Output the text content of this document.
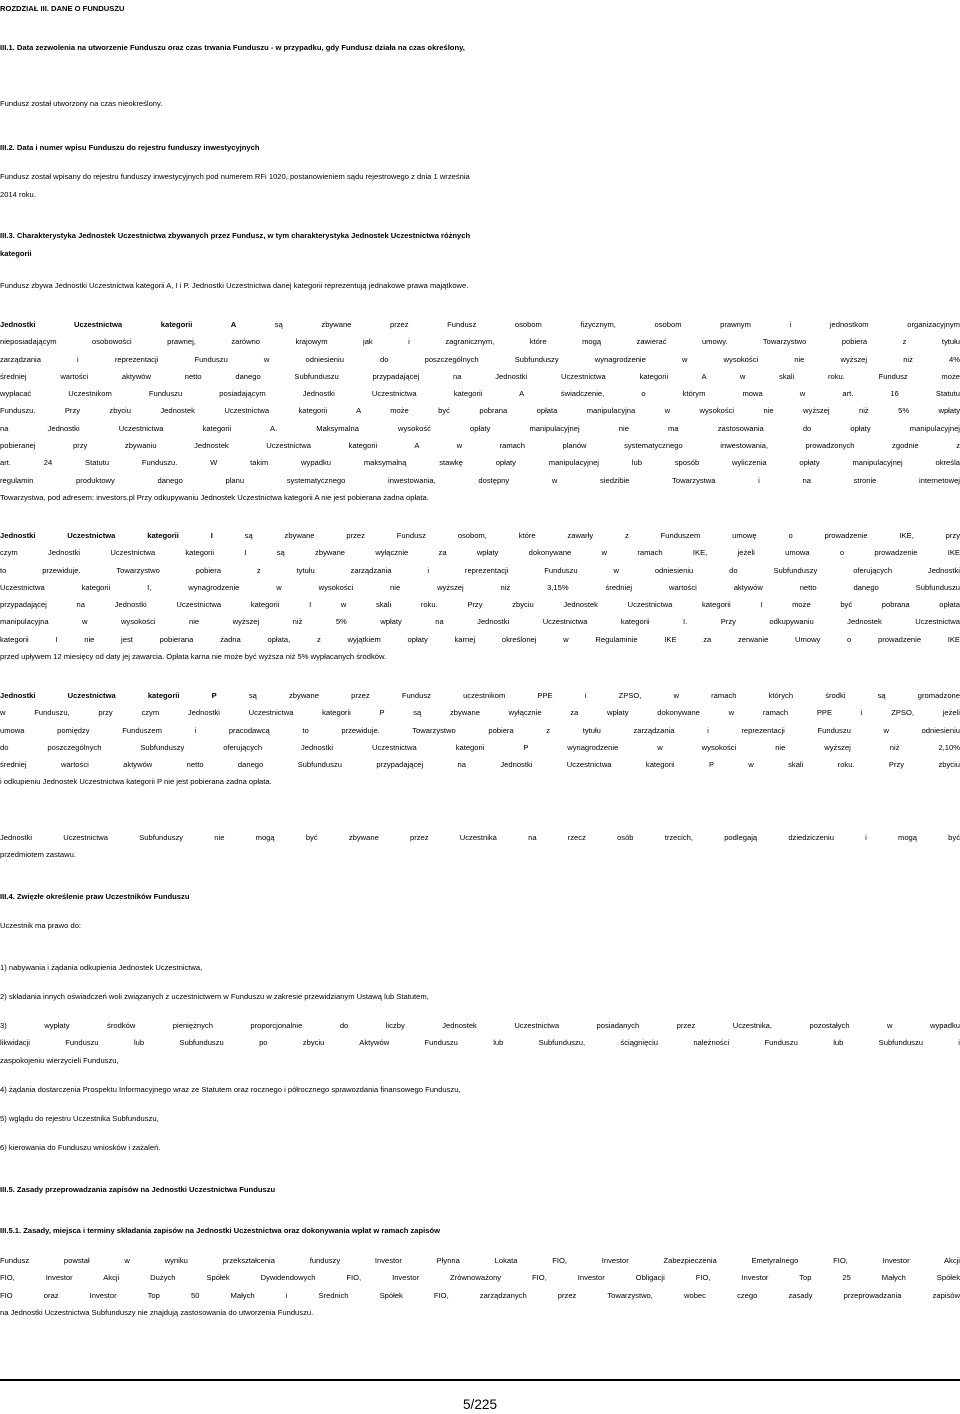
ROZDZIAŁ III. DANE O FUNDUSZU
III.1. Data zezwolenia na utworzenie Funduszu oraz czas trwania Funduszu - w przypadku, gdy Fundusz działa na czas określony,
Fundusz został utworzony na czas nieokreślony.
III.2. Data i numer wpisu Funduszu do rejestru funduszy inwestycyjnych
Fundusz został wpisany do rejestru funduszy inwestycyjnych pod numerem RFi 1020, postanowieniem sądu rejestrowego z dnia 1 września
2014 roku.
III.3. Charakterystyka Jednostek Uczestnictwa zbywanych przez Fundusz, w tym charakterystyka Jednostek Uczestnictwa różnych
kategorii
Fundusz zbywa Jednostki Uczestnictwa kategorii A, I i P. Jednostki Uczestnictwa danej kategorii reprezentują jednakowe prawa majątkowe.
Jednostki Uczestnictwa kategorii A są zbywane przez Fundusz osobom fizycznym, osobom prawnym i jednostkom organizacyjnym
nieposiadającym osobowości prawnej, zarówno krajowym jak i zagranicznym, które mogą zawierać umowy. Towarzystwo pobiera z tytułu
zarządzania i reprezentacji Funduszu w odniesieniu do poszczególnych Subfunduszy wynagrodzenie w wysokości nie wyższej niż 4%
średniej wartości aktywów netto danego Subfunduszu przypadającej na Jednostki Uczestnictwa kategorii A w skali roku. Fundusz może
wypłacać Uczestnikom Funduszu posiadającym Jednostki Uczestnictwa kategorii A świadczenie, o którym mowa w art. 16 Statutu
Funduszu. Przy zbyciu Jednostek Uczestnictwa kategorii A może być pobrana opłata manipulacyjna w wysokości nie wyższej niż 5% wpłaty
na Jednostki Uczestnictwa kategorii A. Maksymalna wysokość opłaty manipulacyjnej nie ma zastosowania do opłaty manipulacyjnej
pobieranej przy zbywaniu Jednostek Uczestnictwa kategorii A w ramach planów systematycznego inwestowania, prowadzonych zgodnie z
art. 24 Statutu Funduszu. W takim wypadku maksymalną stawkę opłaty manipulacyjnej lub sposób wyliczenia opłaty manipulacyjnej określa
regulamin produktowy danego planu systematycznego inwestowania, dostępny w siedzibie Towarzystwa i na stronie internetowej
Towarzystwa, pod adresem: investors.pl Przy odkupywaniu Jednostek Uczestnictwa kategorii A nie jest pobierana żadna opłata.
Jednostki Uczestnictwa kategorii I są zbywane przez Fundusz osobom, które zawarły z Funduszem umowę o prowadzenie IKE, przy
czym Jednostki Uczestnictwa kategorii I są zbywane wyłącznie za wpłaty dokonywane w ramach IKE, jeżeli umowa o prowadzenie IKE
to przewiduje. Towarzystwo pobiera z tytułu zarządzania i reprezentacji Funduszu w odniesieniu do Subfunduszy oferujących Jednostki
Uczestnictwa kategorii I, wynagrodzenie w wysokości nie wyższej niż 3,15% średniej wartości aktywów netto danego Subfunduszu
przypadającej na Jednostki Uczestnictwa kategorii I w skali roku. Przy zbyciu Jednostek Uczestnictwa kategorii I może być pobrana opłata
manipulacyjna w wysokości nie wyższej niż 5% wpłaty na Jednostki Uczestnictwa kategorii I. Przy odkupywaniu Jednostek Uczestnictwa
kategorii I nie jest pobierana żadna opłata, z wyjątkiem opłaty karnej określonej w Regulaminie IKE za zerwanie Umowy o prowadzenie IKE
przed upływem 12 miesięcy od daty jej zawarcia. Opłata karna nie może być wyższa niż 5% wypłacanych środków.
Jednostki Uczestnictwa kategorii P są zbywane przez Fundusz uczestnikom PPE i ZPSO, w ramach których środki są gromadzone
w Funduszu, przy czym Jednostki Uczestnictwa kategorii P są zbywane wyłącznie za wpłaty dokonywane w ramach PPE i ZPSO, jeżeli
umowa pomiędzy Funduszem i pracodawcą to przewiduje. Towarzystwo pobiera z tytułu zarządzania i reprezentacji Funduszu w odniesieniu
do poszczególnych Subfunduszy oferujących Jednostki Uczestnictwa kategorii P wynagrodzenie w wysokości nie wyższej niż 2,10%
średniej wartości aktywów netto danego Subfunduszu przypadającej na Jednostki Uczestnictwa kategorii P w skali roku. Przy zbyciu
i odkupieniu Jednostek Uczestnictwa kategorii P nie jest pobierana żadna opłata.
Jednostki Uczestnictwa Subfunduszy nie mogą być zbywane przez Uczestnika na rzecz osób trzecich, podlegają dziedziczeniu i mogą być
przedmiotem zastawu.
III.4. Zwięzłe określenie praw Uczestników Funduszu
Uczestnik ma prawo do:
1) nabywania i żądania odkupienia Jednostek Uczestnictwa,
2) składania innych oświadczeń woli związanych z uczestnictwem w Funduszu w zakresie przewidzianym Ustawą lub Statutem,
3) wypłaty środków pieniężnych proporcjonalnie do liczby Jednostek Uczestnictwa posiadanych przez Uczestnika, pozostałych w wypadku
likwidacji Funduszu lub Subfunduszu po zbyciu Aktywów Funduszu lub Subfunduszu, ściągnięciu należności Funduszu lub Subfunduszu i
zaspokojeniu wierzycieli Funduszu,
4) żądania dostarczenia Prospektu Informacyjnego wraz ze Statutem oraz rocznego i półrocznego sprawozdania finansowego Funduszu,
5) wglądu do rejestru Uczestnika Subfunduszu,
6) kierowania do Funduszu wniosków i zażaleń.
III.5. Zasady przeprowadzania zapisów na Jednostki Uczestnictwa Funduszu
III.5.1. Zasady, miejsca i terminy składania zapisów na Jednostki Uczestnictwa oraz dokonywania wpłat w ramach zapisów
Fundusz powstał w wyniku przekształcenia funduszy Investor Płynna Lokata FIO, Investor Zabezpieczenia Emetyralnego FIO, Investor Akcji
FIO, Investor Akcji Dużych Spółek Dywidendowych FIO, Investor Zrównoważony FIO, Investor Obligacji FIO, Investor Top 25 Małych Spółek
FIO oraz Investor Top 50 Małych i Średnich Spółek FIO, zarządzanych przez Towarzystwo, wobec czego zasady przeprowadzania zapisów
na Jednostki Uczestnictwa Subfunduszy nie znajdują zastosowania do utworzenia Funduszu.
5/225
